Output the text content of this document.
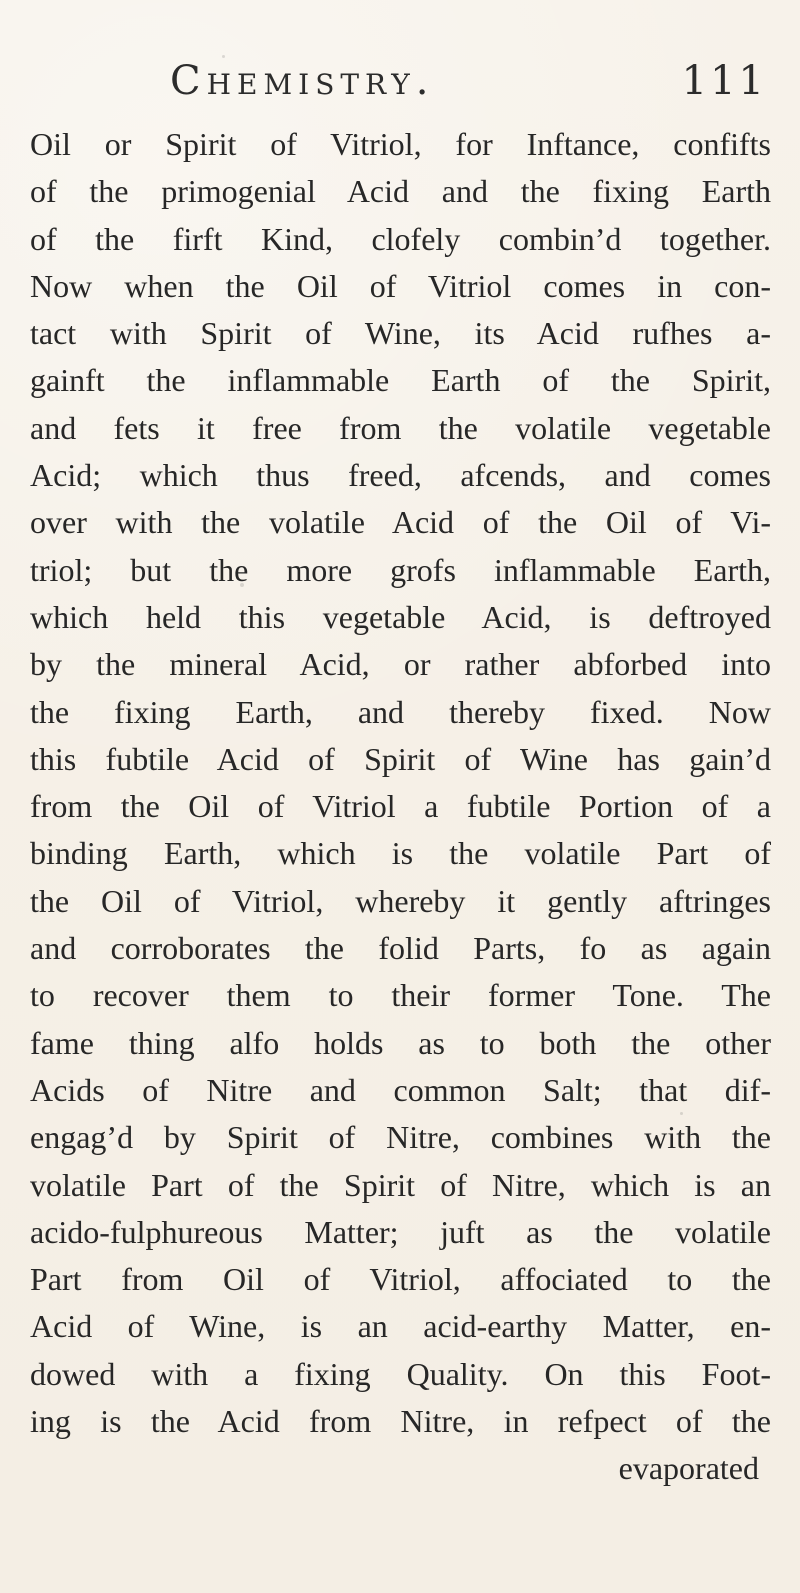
Chemistry.	111
Oil or Spirit of Vitriol, for Inftance, confifts
of the primogenial Acid and the fixing Earth
of the firft Kind, clofely combin’d together.
Now when the Oil of Vitriol comes in con-
tact with Spirit of Wine, its Acid rufhes a-
gainft the inflammable Earth of the Spirit,
and fets it free from the volatile vegetable
Acid; which thus freed, afcends, and comes
over with the volatile Acid of the Oil of Vi-
triol; but the more grofs inflammable Earth,
which held this vegetable Acid, is deftroyed
by the mineral Acid, or rather abforbed into
the fixing Earth, and thereby fixed. Now
this fubtile Acid of Spirit of Wine has gain’d
from the Oil of Vitriol a fubtile Portion of a
binding Earth, which is the volatile Part of
the Oil of Vitriol, whereby it gently aftringes
and corroborates the folid Parts, fo as again
to recover them to their former Tone. The
fame thing alfo holds as to both the other
Acids of Nitre and common Salt; that dif-
engag’d by Spirit of Nitre, combines with the
volatile Part of the Spirit of Nitre, which is an
acido-fulphureous Matter; juft as the volatile
Part from Oil of Vitriol, affociated to the
Acid of Wine, is an acid-earthy Matter, en-
dowed with a fixing Quality. On this Foot-
ing is the Acid from Nitre, in refpect of the
evaporated
